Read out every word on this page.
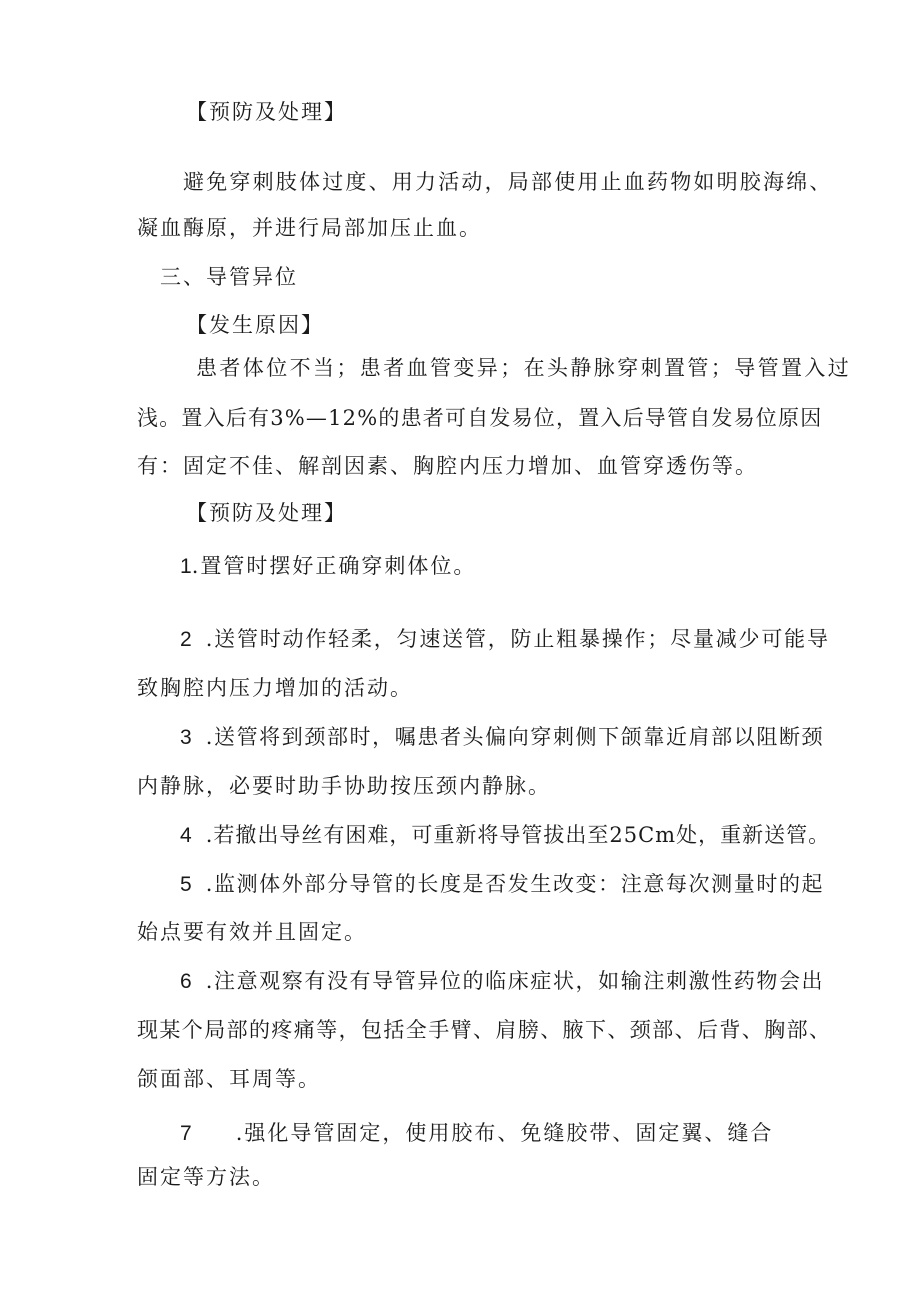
【预防及处理】
避免穿刺肢体过度、用力活动，局部使用止血药物如明胶海绵、
凝血酶原，并进行局部加压止血。
三、导管异位
【发生原因】
患者体位不当；患者血管变异；在头静脉穿刺置管；导管置入过
浅。置入后有3%—12%的患者可自发易位，置入后导管自发易位原因
有：固定不佳、解剖因素、胸腔内压力增加、血管穿透伤等。
【预防及处理】
1.置管时摆好正确穿刺体位。
2 .送管时动作轻柔，匀速送管，防止粗暴操作；尽量减少可能导
致胸腔内压力增加的活动。
3 .送管将到颈部时，嘱患者头偏向穿刺侧下颌靠近肩部以阻断颈
内静脉，必要时助手协助按压颈内静脉。
4 .若撤出导丝有困难，可重新将导管拔出至25Cm处，重新送管。
5 .监测体外部分导管的长度是否发生改变：注意每次测量时的起
始点要有效并且固定。
6 .注意观察有没有导管异位的临床症状，如输注刺激性药物会出
现某个局部的疼痛等，包括全手臂、肩膀、腋下、颈部、后背、胸部、
颌面部、耳周等。
7 .强化导管固定，使用胶布、免缝胶带、固定翼、缝合
固定等方法。
